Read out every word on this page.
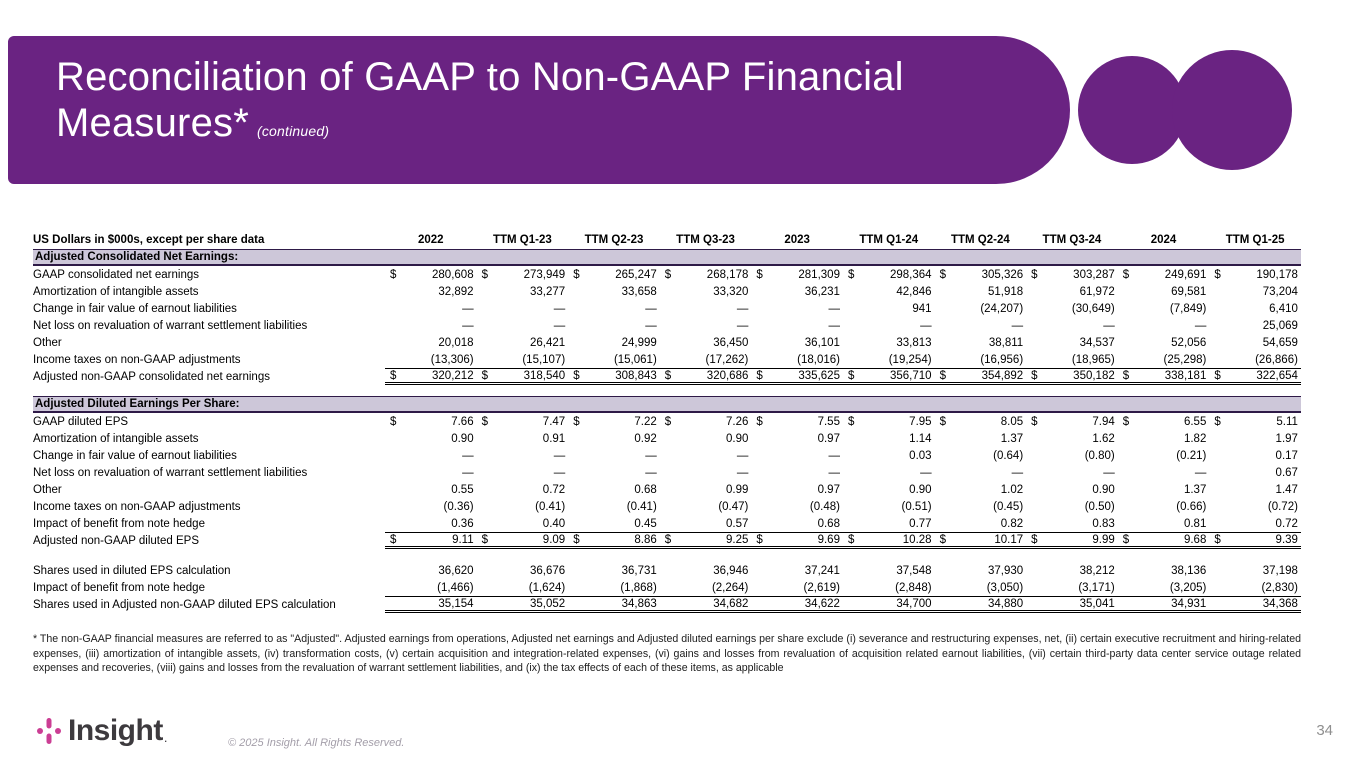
Reconciliation of GAAP to Non-GAAP Financial Measures* (continued)
US Dollars in $000s, except per share data	2022	TTM Q1-23	TTM Q2-23	TTM Q3-23	2023	TTM Q1-24	TTM Q2-24	TTM Q3-24	2024	TTM Q1-25
Adjusted Consolidated Net Earnings:
GAAP consolidated net earnings	$	280,608 $	273,949 $	265,247 $	268,178 $	281,309 $	298,364 $	305,326 $	303,287 $	249,691 $	190,178
Amortization of intangible assets	32,892	33,277	33,658	33,320	36,231	42,846	51,918	61,972	69,581	73,204
Change in fair value of earnout liabilities	—	—	—	—	—	941	(24,207)	(30,649)	(7,849)	6,410
Net loss on revaluation of warrant settlement liabilities	—	—	—	—	—	—	—	—	—	25,069
Other	20,018	26,421	24,999	36,450	36,101	33,813	38,811	34,537	52,056	54,659
Income taxes on non-GAAP adjustments	(13,306)	(15,107)	(15,061)	(17,262)	(18,016)	(19,254)	(16,956)	(18,965)	(25,298)	(26,866)
Adjusted non-GAAP consolidated net earnings	$	320,212 $	318,540 $	308,843 $	320,686 $	335,625 $	356,710 $	354,892 $	350,182 $	338,181 $	322,654
Adjusted Diluted Earnings Per Share:
GAAP diluted EPS	$	7.66 $	7.47 $	7.22 $	7.26 $	7.55 $	7.95 $	8.05 $	7.94 $	6.55 $	5.11
Amortization of intangible assets	0.90	0.91	0.92	0.90	0.97	1.14	1.37	1.62	1.82	1.97
Change in fair value of earnout liabilities	—	—	—	—	—	0.03	(0.64)	(0.80)	(0.21)	0.17
Net loss on revaluation of warrant settlement liabilities	—	—	—	—	—	—	—	—	—	0.67
Other	0.55	0.72	0.68	0.99	0.97	0.90	1.02	0.90	1.37	1.47
Income taxes on non-GAAP adjustments	(0.36)	(0.41)	(0.41)	(0.47)	(0.48)	(0.51)	(0.45)	(0.50)	(0.66)	(0.72)
Impact of benefit from note hedge	0.36	0.40	0.45	0.57	0.68	0.77	0.82	0.83	0.81	0.72
Adjusted non-GAAP diluted EPS	$	9.11 $	9.09 $	8.86 $	9.25 $	9.69 $	10.28 $	10.17 $	9.99 $	9.68 $	9.39
Shares used in diluted EPS calculation	36,620	36,676	36,731	36,946	37,241	37,548	37,930	38,212	38,136	37,198
Impact of benefit from note hedge	(1,466)	(1,624)	(1,868)	(2,264)	(2,619)	(2,848)	(3,050)	(3,171)	(3,205)	(2,830)
Shares used in Adjusted non-GAAP diluted EPS calculation	35,154	35,052	34,863	34,682	34,622	34,700	34,880	35,041	34,931	34,368
* The non-GAAP financial measures are referred to as "Adjusted". Adjusted earnings from operations, Adjusted net earnings and Adjusted diluted earnings per share exclude (i) severance and restructuring expenses, net, (ii) certain executive recruitment and hiring-related expenses, (iii) amortization of intangible assets, (iv) transformation costs, (v) certain acquisition and integration-related expenses, (vi) gains and losses from revaluation of acquisition related earnout liabilities, (vii) certain third-party data center service outage related expenses and recoveries, (viii) gains and losses from the revaluation of warrant settlement liabilities, and (ix) the tax effects of each of these items, as applicable
Insight .	© 2025 Insight. All Rights Reserved.
34
